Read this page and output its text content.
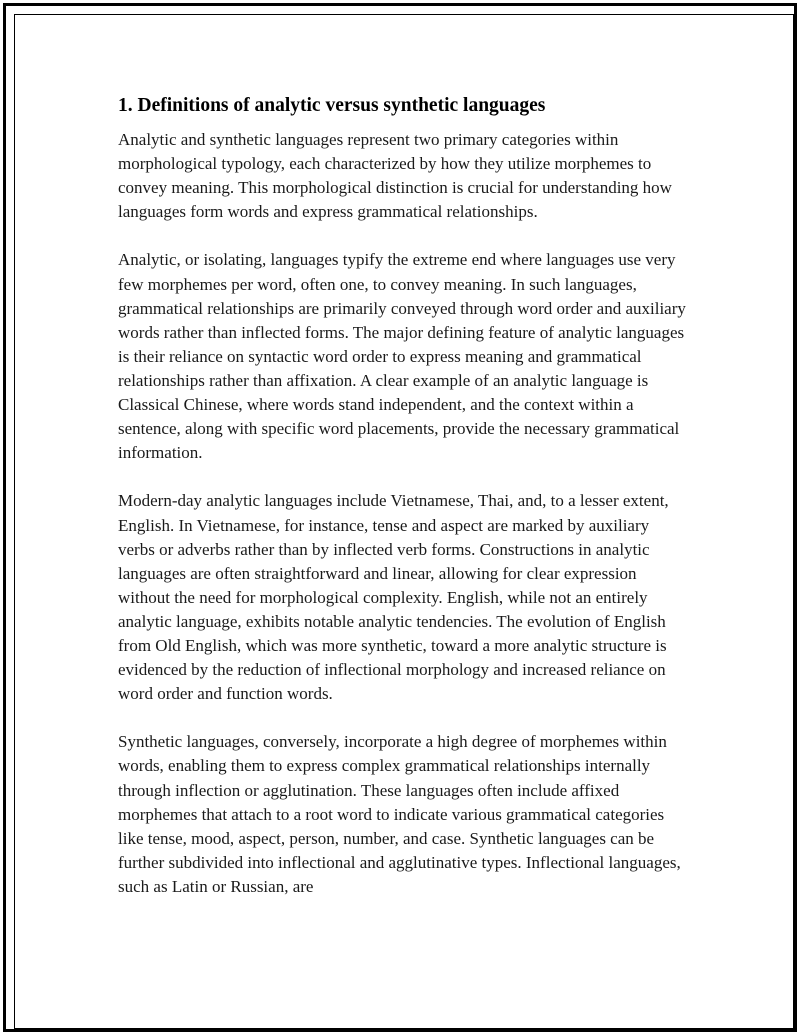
1. Definitions of analytic versus synthetic languages

Analytic and synthetic languages represent two primary categories within morphological typology, each characterized by how they utilize morphemes to convey meaning. This morphological distinction is crucial for understanding how languages form words and express grammatical relationships.

Analytic, or isolating, languages typify the extreme end where languages use very few morphemes per word, often one, to convey meaning. In such languages, grammatical relationships are primarily conveyed through word order and auxiliary words rather than inflected forms. The major defining feature of analytic languages is their reliance on syntactic word order to express meaning and grammatical relationships rather than affixation. A clear example of an analytic language is Classical Chinese, where words stand independent, and the context within a sentence, along with specific word placements, provide the necessary grammatical information.

Modern-day analytic languages include Vietnamese, Thai, and, to a lesser extent, English. In Vietnamese, for instance, tense and aspect are marked by auxiliary verbs or adverbs rather than by inflected verb forms. Constructions in analytic languages are often straightforward and linear, allowing for clear expression without the need for morphological complexity. English, while not an entirely analytic language, exhibits notable analytic tendencies. The evolution of English from Old English, which was more synthetic, toward a more analytic structure is evidenced by the reduction of inflectional morphology and increased reliance on word order and function words.

Synthetic languages, conversely, incorporate a high degree of morphemes within words, enabling them to express complex grammatical relationships internally through inflection or agglutination. These languages often include affixed morphemes that attach to a root word to indicate various grammatical categories like tense, mood, aspect, person, number, and case. Synthetic languages can be further subdivided into inflectional and agglutinative types. Inflectional languages, such as Latin or Russian, are
